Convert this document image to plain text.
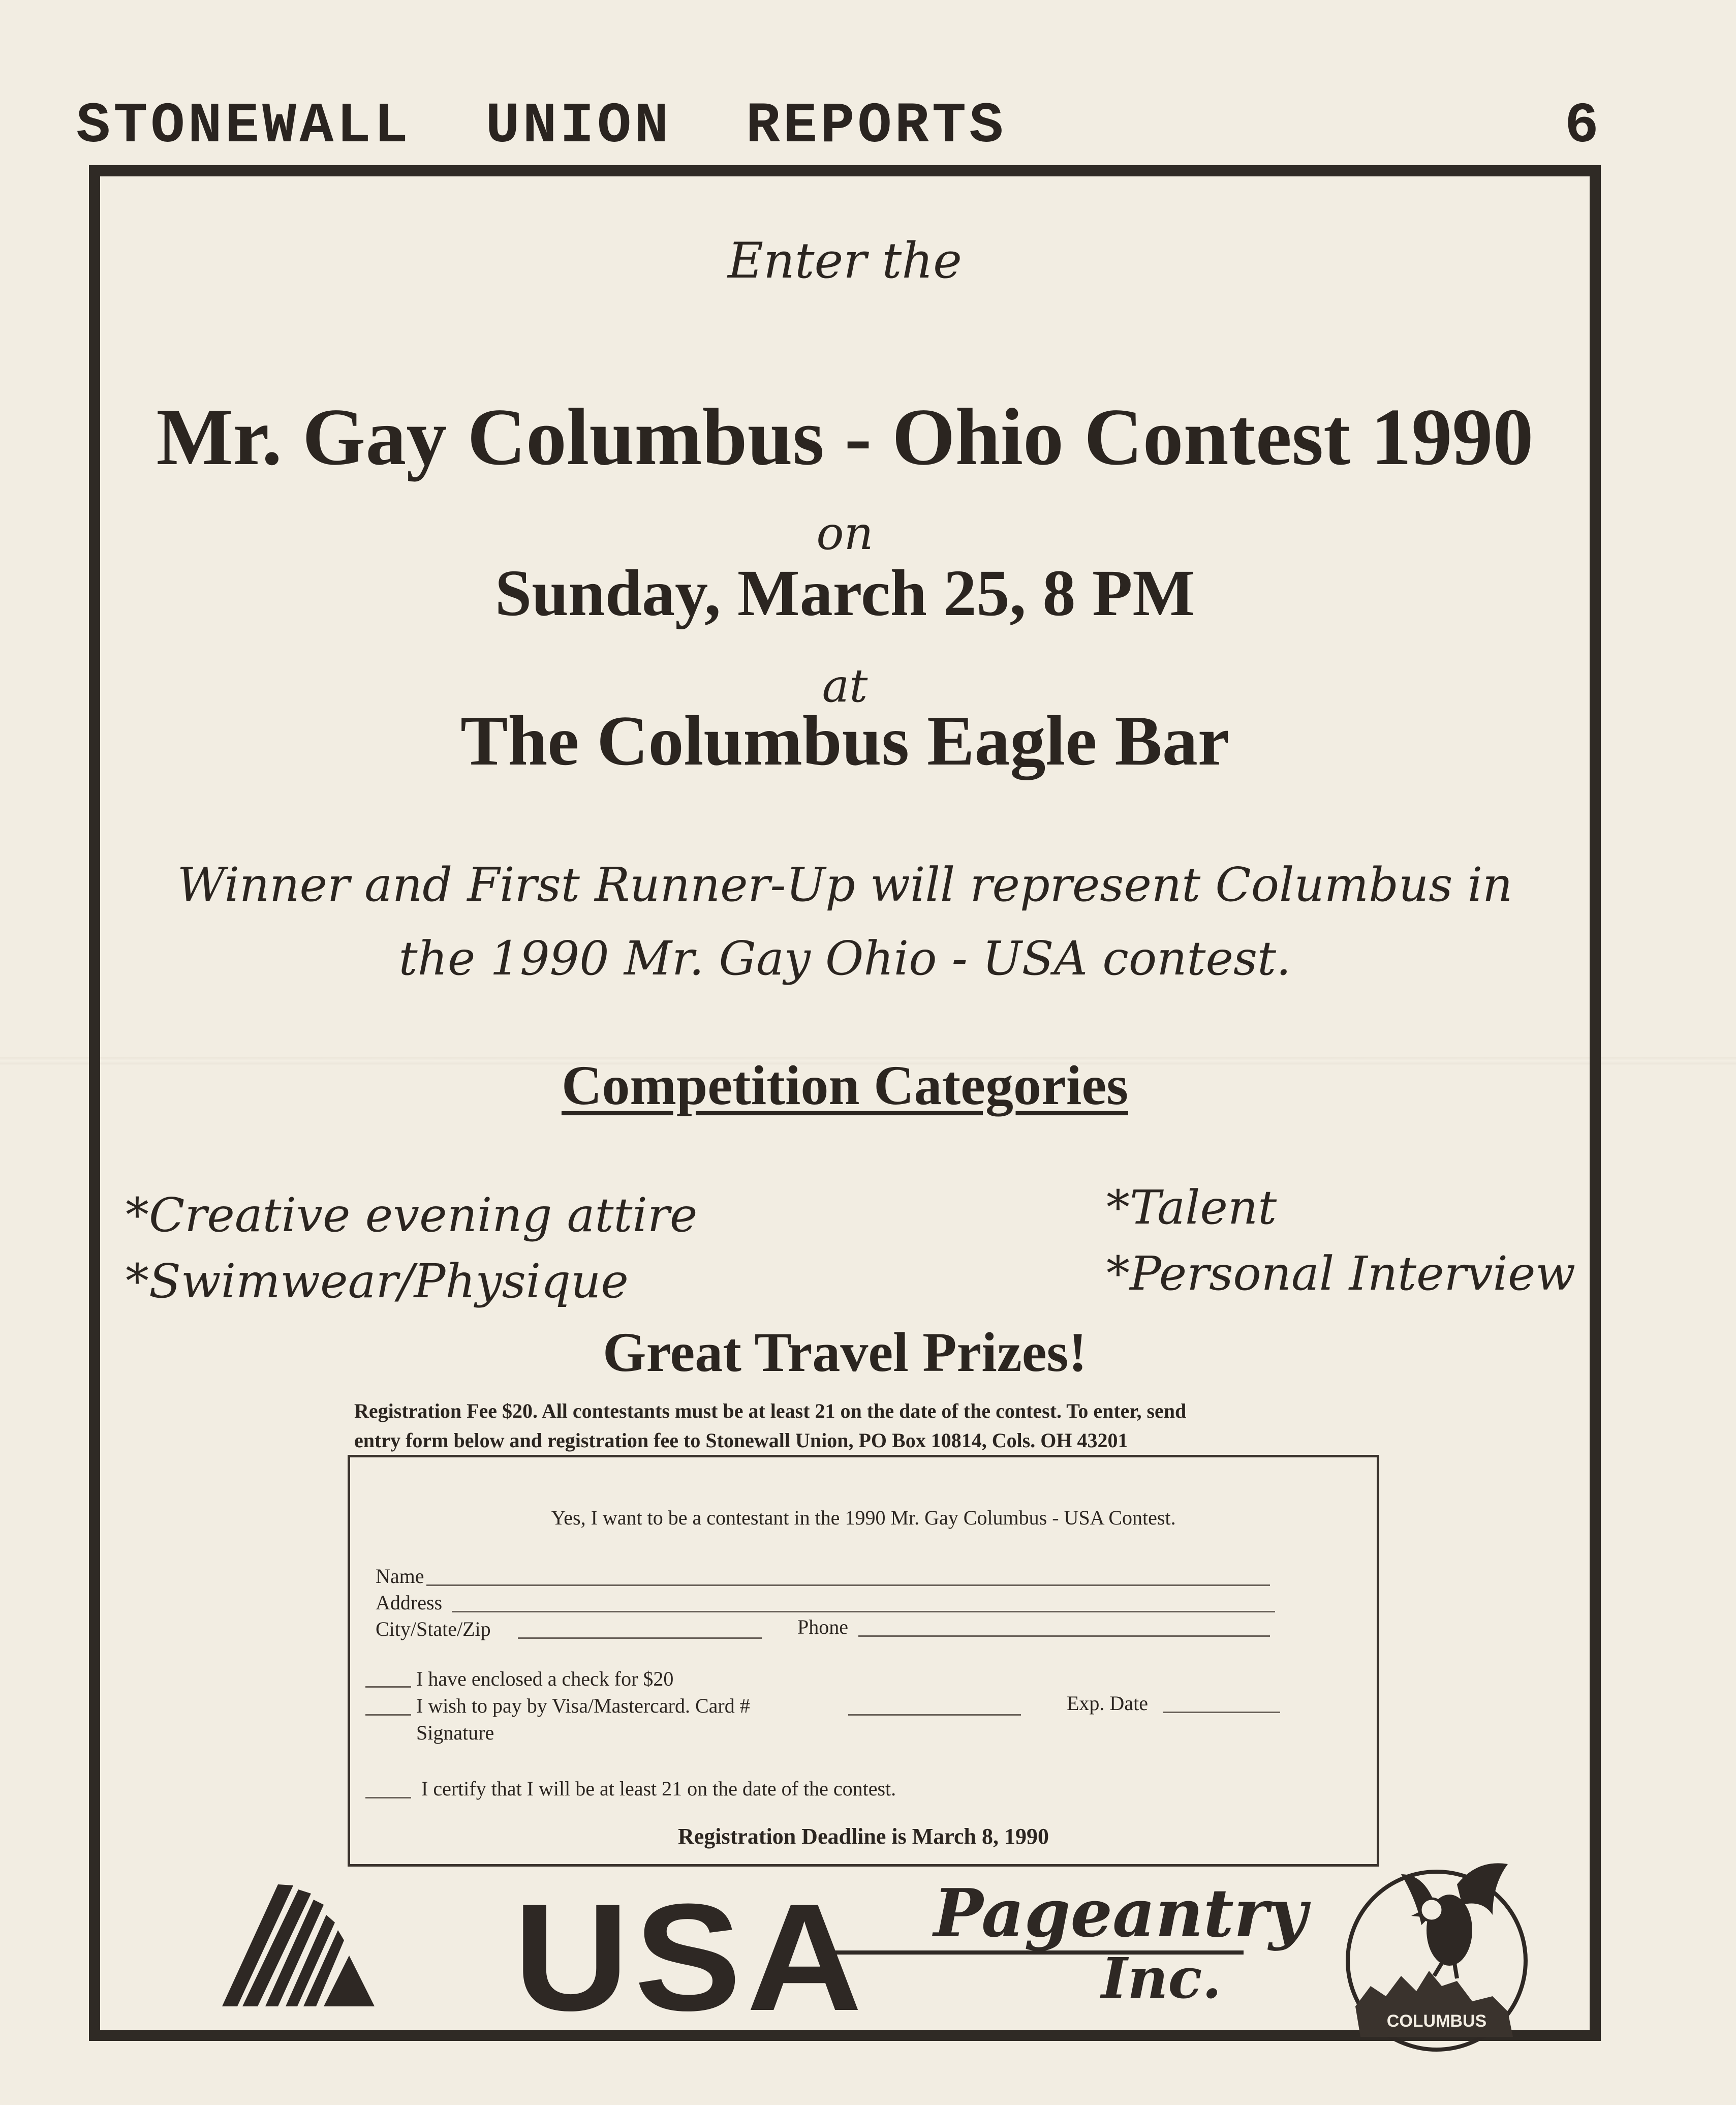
STONEWALL  UNION  REPORTS	6
Enter the
Mr. Gay Columbus - Ohio Contest 1990
on
Sunday, March 25, 8 PM
at
The Columbus Eagle Bar
Winner and First Runner-Up will represent Columbus in
the 1990 Mr. Gay Ohio - USA contest.
Competition Categories
*Creative evening attire
*Swimwear/Physique
*Talent
*Personal Interview
Great Travel Prizes!
Registration Fee $20. All contestants must be at least 21 on the date of the contest. To enter, send
entry form below and registration fee to Stonewall Union, PO Box 10814, Cols. OH 43201
Yes, I want to be a contestant in the 1990 Mr. Gay Columbus - USA Contest.
Name
Address
City/State/Zip	Phone
I have enclosed a check for $20
I wish to pay by Visa/Mastercard. Card #	Exp. Date
Signature
I certify that I will be at least 21 on the date of the contest.
Registration Deadline is March 8, 1990
USA Pageantry
Inc.
COLUMBUS
